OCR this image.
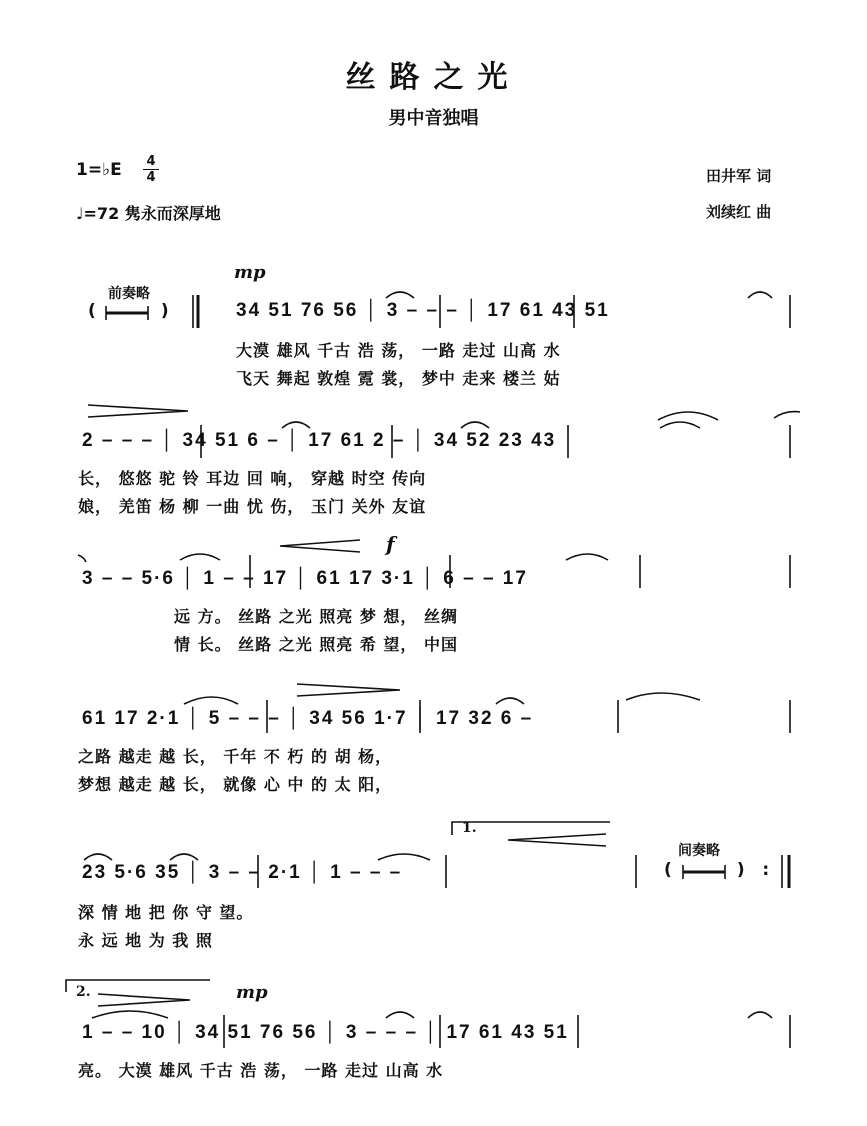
丝路之光
男中音独唱
1=♭E 4
4
♩=72 隽永而深厚地
田井军 词
刘续红 曲
前奏略
(           )
mp
f
1.
间奏略
(           )   :
2.	mp
34 51 76 56 │ 3 – – – │ 17 61 43 51
大漠 雄风 千古 浩 荡， 一路 走过 山高 水
飞天 舞起 敦煌 霓 裳， 梦中 走来 楼兰 姑
2 – – – │ 34 51 6 – │ 17 61 2 – │ 34 52 23 43
长， 悠悠 驼 铃 耳边 回 响， 穿越 时空 传向
娘， 羌笛 杨 柳 一曲 忧 伤， 玉门 关外 友谊
3 – – 5·6 │ 1 – – 17 │ 61 17 3·1 │ 6 – – 17
远 方。 丝路 之光 照亮 梦 想， 丝绸
情 长。 丝路 之光 照亮 希 望， 中国
61 17 2·1 │ 5 – – – │ 34 56 1·7 │ 17 32 6 –
之路 越走 越 长， 千年 不 朽 的 胡 杨，
梦想 越走 越 长， 就像 心 中 的 太 阳，
23 5·6 35 │ 3 – – 2·1 │ 1 – – –
深 情 地 把 你 守 望。
永 远 地 为 我 照
1 – – 10 │ 34 51 76 56 │ 3 – – – │ 17 61 43 51
亮。 大漠 雄风 千古 浩 荡， 一路 走过 山高 水
